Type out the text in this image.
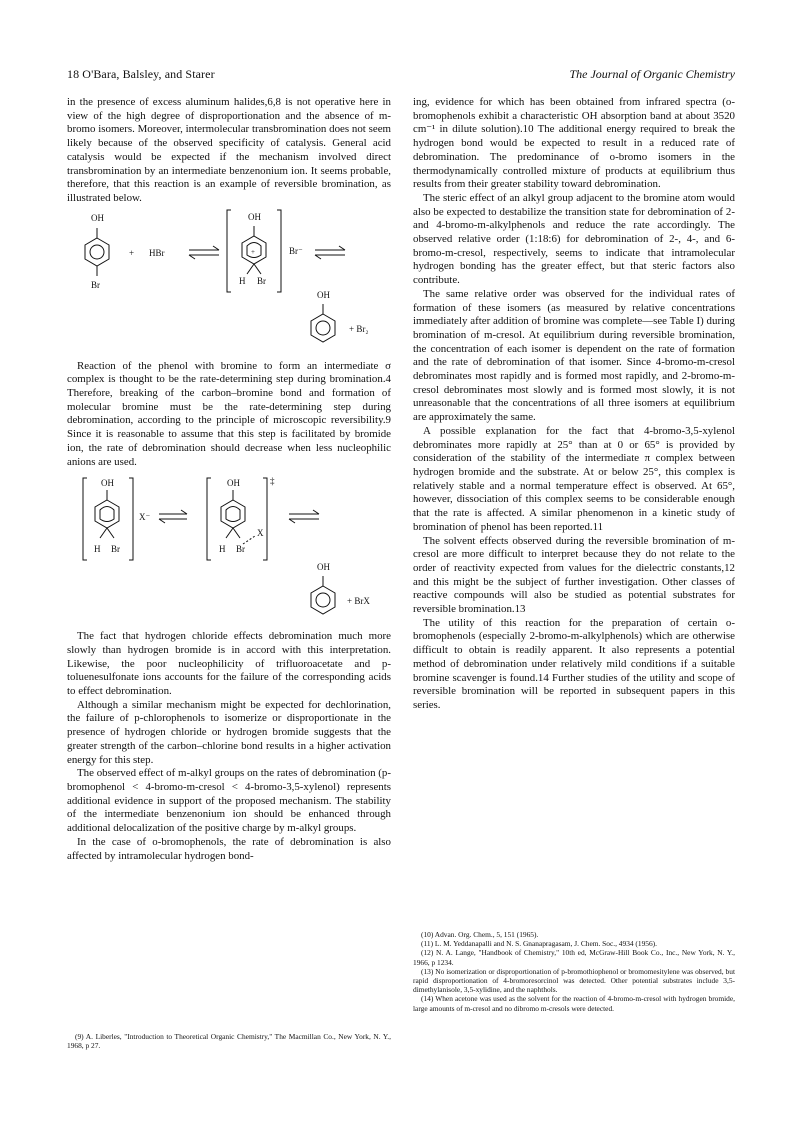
18 O'Bara, Balsley, and Starer	The Journal of Organic Chemistry

in the presence of excess aluminum halides,6,8 is not operative here in view of the high degree of disproportionation and the absence of m-bromo isomers. Moreover, intermolecular transbromination does not seem likely because of the observed specificity of catalysis. General acid catalysis would be expected if the mechanism involved direct transbromination by an intermediate benzenonium ion. It seems probable, therefore, that this reaction is an example of reversible bromination, as illustrated below.

OH
Br
+ HBr
OH
+
H Br
Br⁻
OH
+ Br₂

Reaction of the phenol with bromine to form an intermediate σ complex is thought to be the rate-determining step during bromination.4 Therefore, breaking of the carbon–bromine bond and formation of molecular bromine must be the rate-determining step during debromination, according to the principle of microscopic reversibility.9 Since it is reasonable to assume that this step is facilitated by bromide ion, the rate of debromination should decrease when less nucleophilic anions are used.

OH
H Br
X⁻
OH
H Br
X
‡
OH
+ BrX

The fact that hydrogen chloride effects debromination much more slowly than hydrogen bromide is in accord with this interpretation. Likewise, the poor nucleophilicity of trifluoroacetate and p-toluenesulfonate ions accounts for the failure of the corresponding acids to effect debromination.

Although a similar mechanism might be expected for dechlorination, the failure of p-chlorophenols to isomerize or disproportionate in the presence of hydrogen chloride or hydrogen bromide suggests that the greater strength of the carbon–chlorine bond results in a higher activation energy for this step.

The observed effect of m-alkyl groups on the rates of debromination (p-bromophenol < 4-bromo-m-cresol < 4-bromo-3,5-xylenol) represents additional evidence in support of the proposed mechanism. The stability of the intermediate benzenonium ion should be enhanced through additional delocalization of the positive charge by m-alkyl groups.

In the case of o-bromophenols, the rate of debromination is also affected by intramolecular hydrogen bond-

ing, evidence for which has been obtained from infrared spectra (o-bromophenols exhibit a characteristic OH absorption band at about 3520 cm⁻¹ in dilute solution).10 The additional energy required to break the hydrogen bond would be expected to result in a reduced rate of debromination. The predominance of o-bromo isomers in the thermodynamically controlled mixture of products at equilibrium thus results from their greater stability toward debromination.

The steric effect of an alkyl group adjacent to the bromine atom would also be expected to destabilize the transition state for debromination of 2- and 4-bromo-m-alkylphenols and reduce the rate accordingly. The observed relative order (1:18:6) for debromination of 2-, 4-, and 6-bromo-m-cresol, respectively, seems to indicate that intramolecular hydrogen bonding has the greater effect, but that steric factors also contribute.

The same relative order was observed for the individual rates of formation of these isomers (as measured by relative concentrations immediately after addition of bromine was complete—see Table I) during bromination of m-cresol. At equilibrium during reversible bromination, the concentration of each isomer is dependent on the rate of formation and the rate of debromination of that isomer. Since 4-bromo-m-cresol debrominates most rapidly and is formed most rapidly, and 2-bromo-m-cresol debrominates most slowly and is formed most slowly, it is not unreasonable that the concentrations of all three isomers at equilibrium are approximately the same.

A possible explanation for the fact that 4-bromo-3,5-xylenol debrominates more rapidly at 25° than at 0 or 65° is provided by consideration of the stability of the intermediate π complex between hydrogen bromide and the substrate. At or below 25°, this complex is relatively stable and a normal temperature effect is observed. At 65°, however, dissociation of this complex seems to be considerable enough that the rate is affected. A similar phenomenon in a kinetic study of bromination of phenol has been reported.11

The solvent effects observed during the reversible bromination of m-cresol are more difficult to interpret because they do not relate to the order of reactivity expected from values for the dielectric constants,12 and this might be the subject of further investigation. Other classes of reactive compounds will also be studied as potential substrates for reversible bromination.13

The utility of this reaction for the preparation of certain o-bromophenols (especially 2-bromo-m-alkylphenols) which are otherwise difficult to obtain is readily apparent. It also represents a potential method of debromination under relatively mild conditions if a suitable bromine scavenger is found.14 Further studies of the utility and scope of reversible bromination will be reported in subsequent papers in this series.

(9) A. Liberles, "Introduction to Theoretical Organic Chemistry," The Macmillan Co., New York, N. Y., 1968, p 27.

(10) Advan. Org. Chem., 5, 151 (1965).

(11) L. M. Yeddanapalli and N. S. Gnanapragasam, J. Chem. Soc., 4934 (1956).

(12) N. A. Lange, "Handbook of Chemistry," 10th ed, McGraw-Hill Book Co., Inc., New York, N. Y., 1966, p 1234.

(13) No isomerization or disproportionation of p-bromothiophenol or bromomesitylene was observed, but rapid disproportionation of 4-bromoresorcinol was detected. Other potential substrates include 3,5-dimethylanisole, 3,5-xylidine, and the naphthols.

(14) When acetone was used as the solvent for the reaction of 4-bromo-m-cresol with hydrogen bromide, large amounts of m-cresol and no dibromo m-cresols were detected.
